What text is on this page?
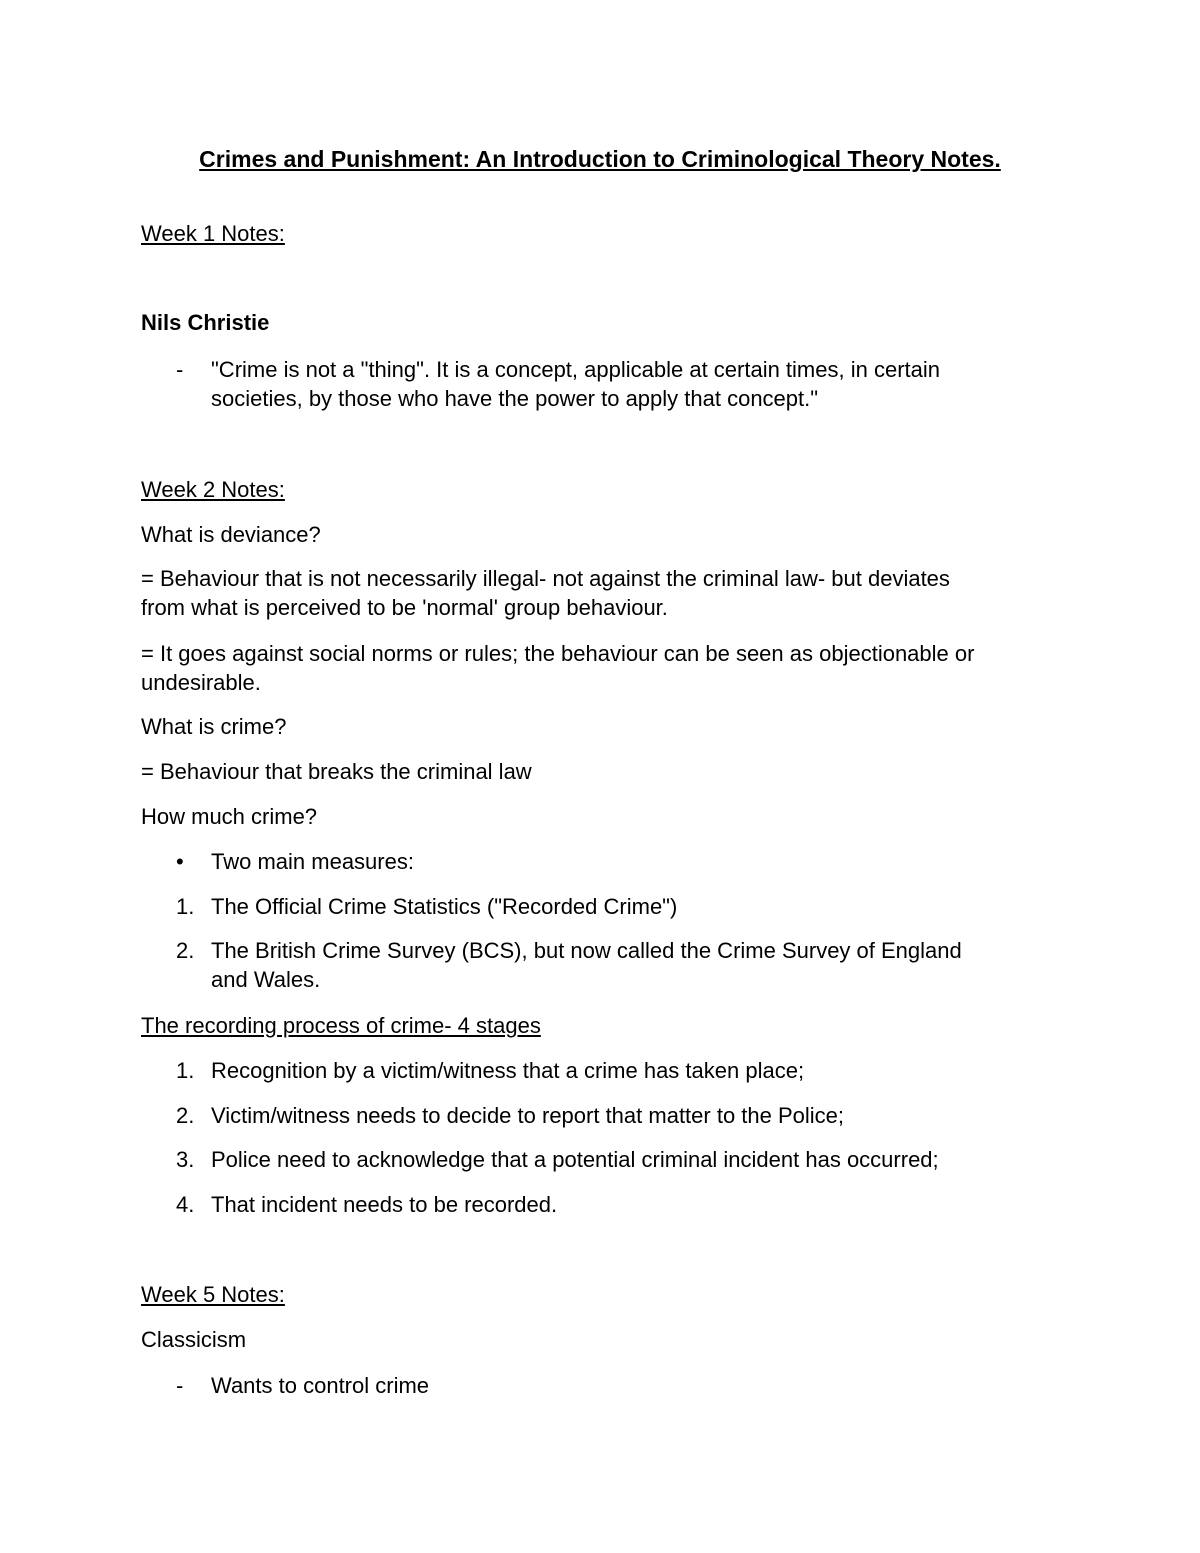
Crimes and Punishment: An Introduction to Criminological Theory Notes.
Week 1 Notes:
Nils Christie
- "Crime is not a "thing". It is a concept, applicable at certain times, in certain
societies, by those who have the power to apply that concept."
Week 2 Notes:
What is deviance?
= Behaviour that is not necessarily illegal- not against the criminal law- but deviates
from what is perceived to be 'normal' group behaviour.
= It goes against social norms or rules; the behaviour can be seen as objectionable or
undesirable.
What is crime?
= Behaviour that breaks the criminal law
How much crime?
• Two main measures:
1. The Official Crime Statistics ("Recorded Crime")
2. The British Crime Survey (BCS), but now called the Crime Survey of England
and Wales.
The recording process of crime- 4 stages
1. Recognition by a victim/witness that a crime has taken place;
2. Victim/witness needs to decide to report that matter to the Police;
3. Police need to acknowledge that a potential criminal incident has occurred;
4. That incident needs to be recorded.
Week 5 Notes:
Classicism
- Wants to control crime
